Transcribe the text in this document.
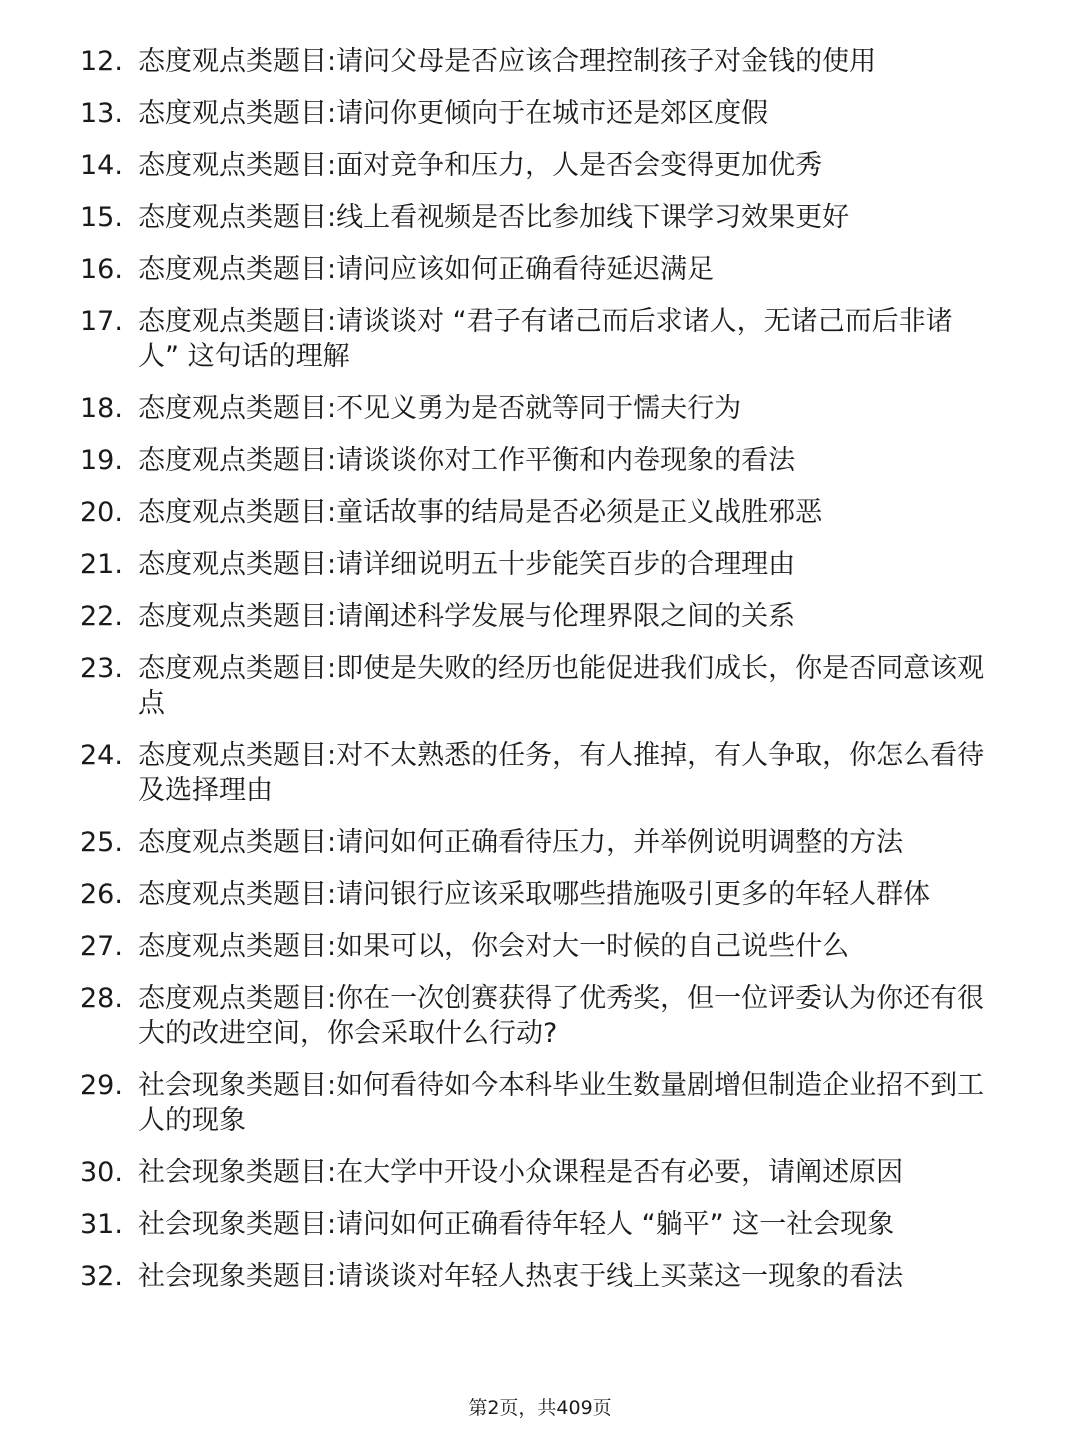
12. 态度观点类题目:请问父母是否应该合理控制孩子对金钱的使用
13. 态度观点类题目:请问你更倾向于在城市还是郊区度假
14. 态度观点类题目:面对竞争和压力，人是否会变得更加优秀
15. 态度观点类题目:线上看视频是否比参加线下课学习效果更好
16. 态度观点类题目:请问应该如何正确看待延迟满足
17. 态度观点类题目:请谈谈对 “君子有诸己而后求诸人，无诸己而后非诸人” 这句话的理解
18. 态度观点类题目:不见义勇为是否就等同于懦夫行为
19. 态度观点类题目:请谈谈你对工作平衡和内卷现象的看法
20. 态度观点类题目:童话故事的结局是否必须是正义战胜邪恶
21. 态度观点类题目:请详细说明五十步能笑百步的合理理由
22. 态度观点类题目:请阐述科学发展与伦理界限之间的关系
23. 态度观点类题目:即使是失败的经历也能促进我们成长，你是否同意该观点
24. 态度观点类题目:对不太熟悉的任务，有人推掉，有人争取，你怎么看待及选择理由
25. 态度观点类题目:请问如何正确看待压力，并举例说明调整的方法
26. 态度观点类题目:请问银行应该采取哪些措施吸引更多的年轻人群体
27. 态度观点类题目:如果可以，你会对大一时候的自己说些什么
28. 态度观点类题目:你在一次创赛获得了优秀奖，但一位评委认为你还有很大的改进空间，你会采取什么行动?
29. 社会现象类题目:如何看待如今本科毕业生数量剧增但制造企业招不到工人的现象
30. 社会现象类题目:在大学中开设小众课程是否有必要，请阐述原因
31. 社会现象类题目:请问如何正确看待年轻人 “躺平” 这一社会现象
32. 社会现象类题目:请谈谈对年轻人热衷于线上买菜这一现象的看法
第2页，共409页
